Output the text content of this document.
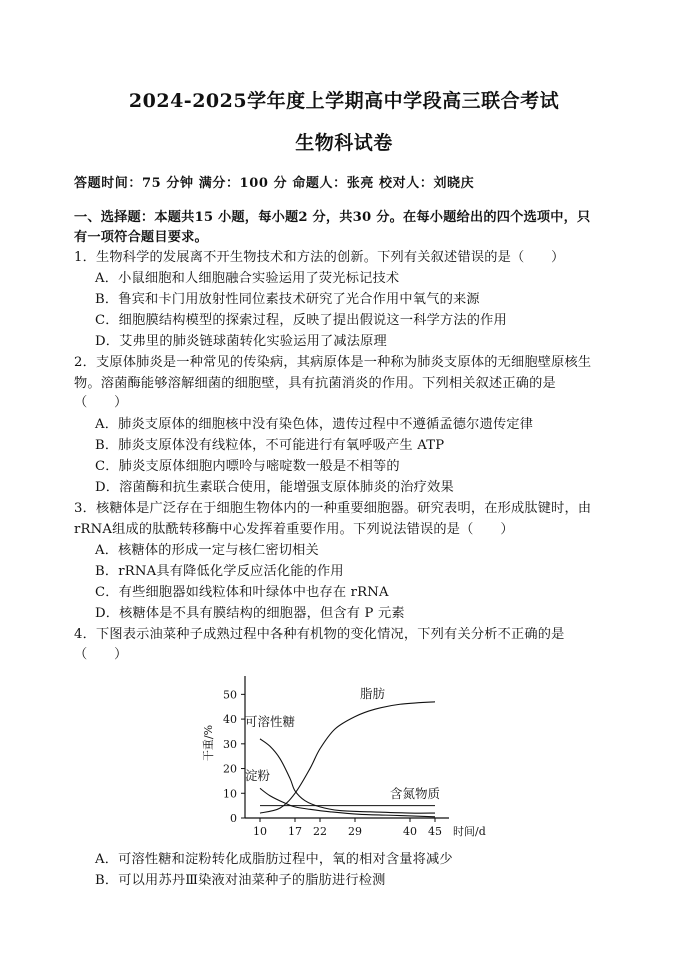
2024-2025学年度上学期高中学段高三联合考试
生物科试卷
答题时间：75 分钟 满分：100 分 命题人：张亮 校对人：刘晓庆
一、选择题：本题共15 小题，每小题2 分，共30 分。在每小题给出的四个选项中，只
有一项符合题目要求。
1．生物科学的发展离不开生物技术和方法的创新。下列有关叙述错误的是（　　）
A．小鼠细胞和人细胞融合实验运用了荧光标记技术
B．鲁宾和卡门用放射性同位素技术研究了光合作用中氧气的来源
C．细胞膜结构模型的探索过程，反映了提出假说这一科学方法的作用
D．艾弗里的肺炎链球菌转化实验运用了减法原理
2．支原体肺炎是一种常见的传染病，其病原体是一种称为肺炎支原体的无细胞壁原核生
物。溶菌酶能够溶解细菌的细胞壁，具有抗菌消炎的作用。下列相关叙述正确的是
（　　）
A．肺炎支原体的细胞核中没有染色体，遗传过程中不遵循孟德尔遗传定律
B．肺炎支原体没有线粒体，不可能进行有氧呼吸产生 ATP
C．肺炎支原体细胞内嘌呤与嘧啶数一般是不相等的
D．溶菌酶和抗生素联合使用，能增强支原体肺炎的治疗效果
3．核糖体是广泛存在于细胞生物体内的一种重要细胞器。研究表明，在形成肽键时，由
rRNA组成的肽酰转移酶中心发挥着重要作用。下列说法错误的是（　　）
A．核糖体的形成一定与核仁密切相关
B．rRNA具有降低化学反应活化能的作用
C．有些细胞器如线粒体和叶绿体中也存在 rRNA
D．核糖体是不具有膜结构的细胞器，但含有 P 元素
4．下图表示油菜种子成熟过程中各种有机物的变化情况，下列有关分析不正确的是
（　　）
0
10
20
30
40
50
10 17 22 29	40 45 时间/d
干重/%
脂肪
可溶性糖
淀粉
含氮物质
A．可溶性糖和淀粉转化成脂肪过程中，氧的相对含量将减少
B．可以用苏丹Ⅲ染液对油菜种子的脂肪进行检测
